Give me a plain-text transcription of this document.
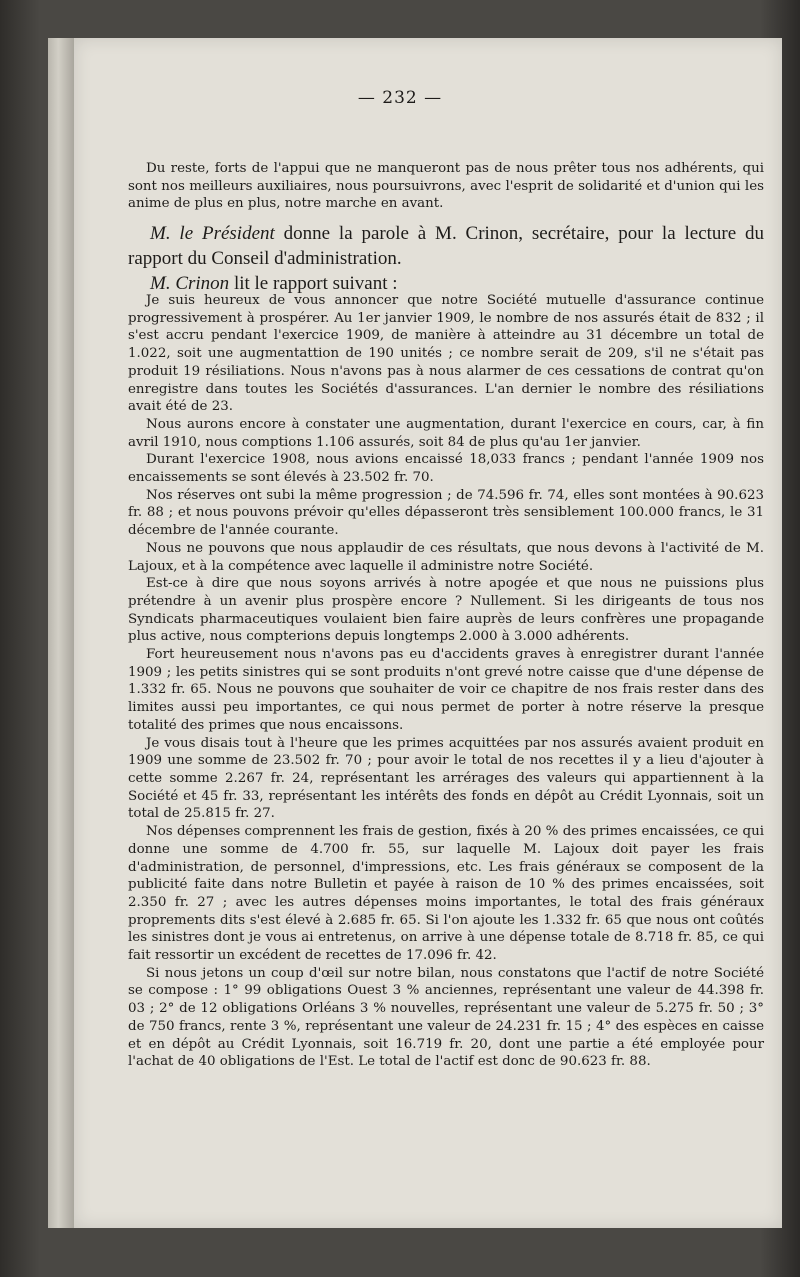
— 232 —

Du reste, forts de l'appui que ne manqueront pas de nous prêter tous nos adhérents, qui sont nos meilleurs auxiliaires, nous poursuivrons, avec l'esprit de solidarité et d'union qui les anime de plus en plus, notre marche en avant.

M. le Président donne la parole à M. Crinon, secrétaire, pour la lecture du rapport du Conseil d'administration.

M. Crinon lit le rapport suivant :

Je suis heureux de vous annoncer que notre Société mutuelle d'assurance continue progressivement à prospérer. Au 1er janvier 1909, le nombre de nos assurés était de 832 ; il s'est accru pendant l'exercice 1909, de manière à atteindre au 31 décembre un total de 1.022, soit une augmentattion de 190 unités ; ce nombre serait de 209, s'il ne s'était pas produit 19 résiliations. Nous n'avons pas à nous alarmer de ces cessations de contrat qu'on enregistre dans toutes les Sociétés d'assurances. L'an dernier le nombre des résiliations avait été de 23.

Nous aurons encore à constater une augmentation, durant l'exercice en cours, car, à fin avril 1910, nous comptions 1.106 assurés, soit 84 de plus qu'au 1er janvier.

Durant l'exercice 1908, nous avions encaissé 18,033 francs ; pendant l'année 1909 nos encaissements se sont élevés à 23.502 fr. 70.

Nos réserves ont subi la même progression ; de 74.596 fr. 74, elles sont montées à 90.623 fr. 88 ; et nous pouvons prévoir qu'elles dépasseront très sensiblement 100.000 francs, le 31 décembre de l'année courante.

Nous ne pouvons que nous applaudir de ces résultats, que nous devons à l'activité de M. Lajoux, et à la compétence avec laquelle il administre notre Société.

Est-ce à dire que nous soyons arrivés à notre apogée et que nous ne puissions plus prétendre à un avenir plus prospère encore ? Nullement. Si les dirigeants de tous nos Syndicats pharmaceutiques voulaient bien faire auprès de leurs confrères une propagande plus active, nous compterions depuis longtemps 2.000 à 3.000 adhérents.

Fort heureusement nous n'avons pas eu d'accidents graves à enregistrer durant l'année 1909 ; les petits sinistres qui se sont produits n'ont grevé notre caisse que d'une dépense de 1.332 fr. 65. Nous ne pouvons que souhaiter de voir ce chapitre de nos frais rester dans des limites aussi peu importantes, ce qui nous permet de porter à notre réserve la presque totalité des primes que nous encaissons.

Je vous disais tout à l'heure que les primes acquittées par nos assurés avaient produit en 1909 une somme de 23.502 fr. 70 ; pour avoir le total de nos recettes il y a lieu d'ajouter à cette somme 2.267 fr. 24, représentant les arrérages des valeurs qui appartiennent à la Société et 45 fr. 33, représentant les intérêts des fonds en dépôt au Crédit Lyonnais, soit un total de 25.815 fr. 27.

Nos dépenses comprennent les frais de gestion, fixés à 20 % des primes encaissées, ce qui donne une somme de 4.700 fr. 55, sur laquelle M. Lajoux doit payer les frais d'administration, de personnel, d'impressions, etc. Les frais généraux se composent de la publicité faite dans notre Bulletin et payée à raison de 10 % des primes encaissées, soit 2.350 fr. 27 ; avec les autres dépenses moins importantes, le total des frais généraux proprements dits s'est élevé à 2.685 fr. 65. Si l'on ajoute les 1.332 fr. 65 que nous ont coûtés les sinistres dont je vous ai entretenus, on arrive à une dépense totale de 8.718 fr. 85, ce qui fait ressortir un excédent de recettes de 17.096 fr. 42.

Si nous jetons un coup d'œil sur notre bilan, nous constatons que l'actif de notre Société se compose : 1° 99 obligations Ouest 3 % anciennes, représentant une valeur de 44.398 fr. 03 ; 2° de 12 obligations Orléans 3 % nouvelles, représentant une valeur de 5.275 fr. 50 ; 3° de 750 francs, rente 3 %, représentant une valeur de 24.231 fr. 15 ; 4° des espèces en caisse et en dépôt au Crédit Lyonnais, soit 16.719 fr. 20, dont une partie a été employée pour l'achat de 40 obligations de l'Est. Le total de l'actif est donc de 90.623 fr. 88.
